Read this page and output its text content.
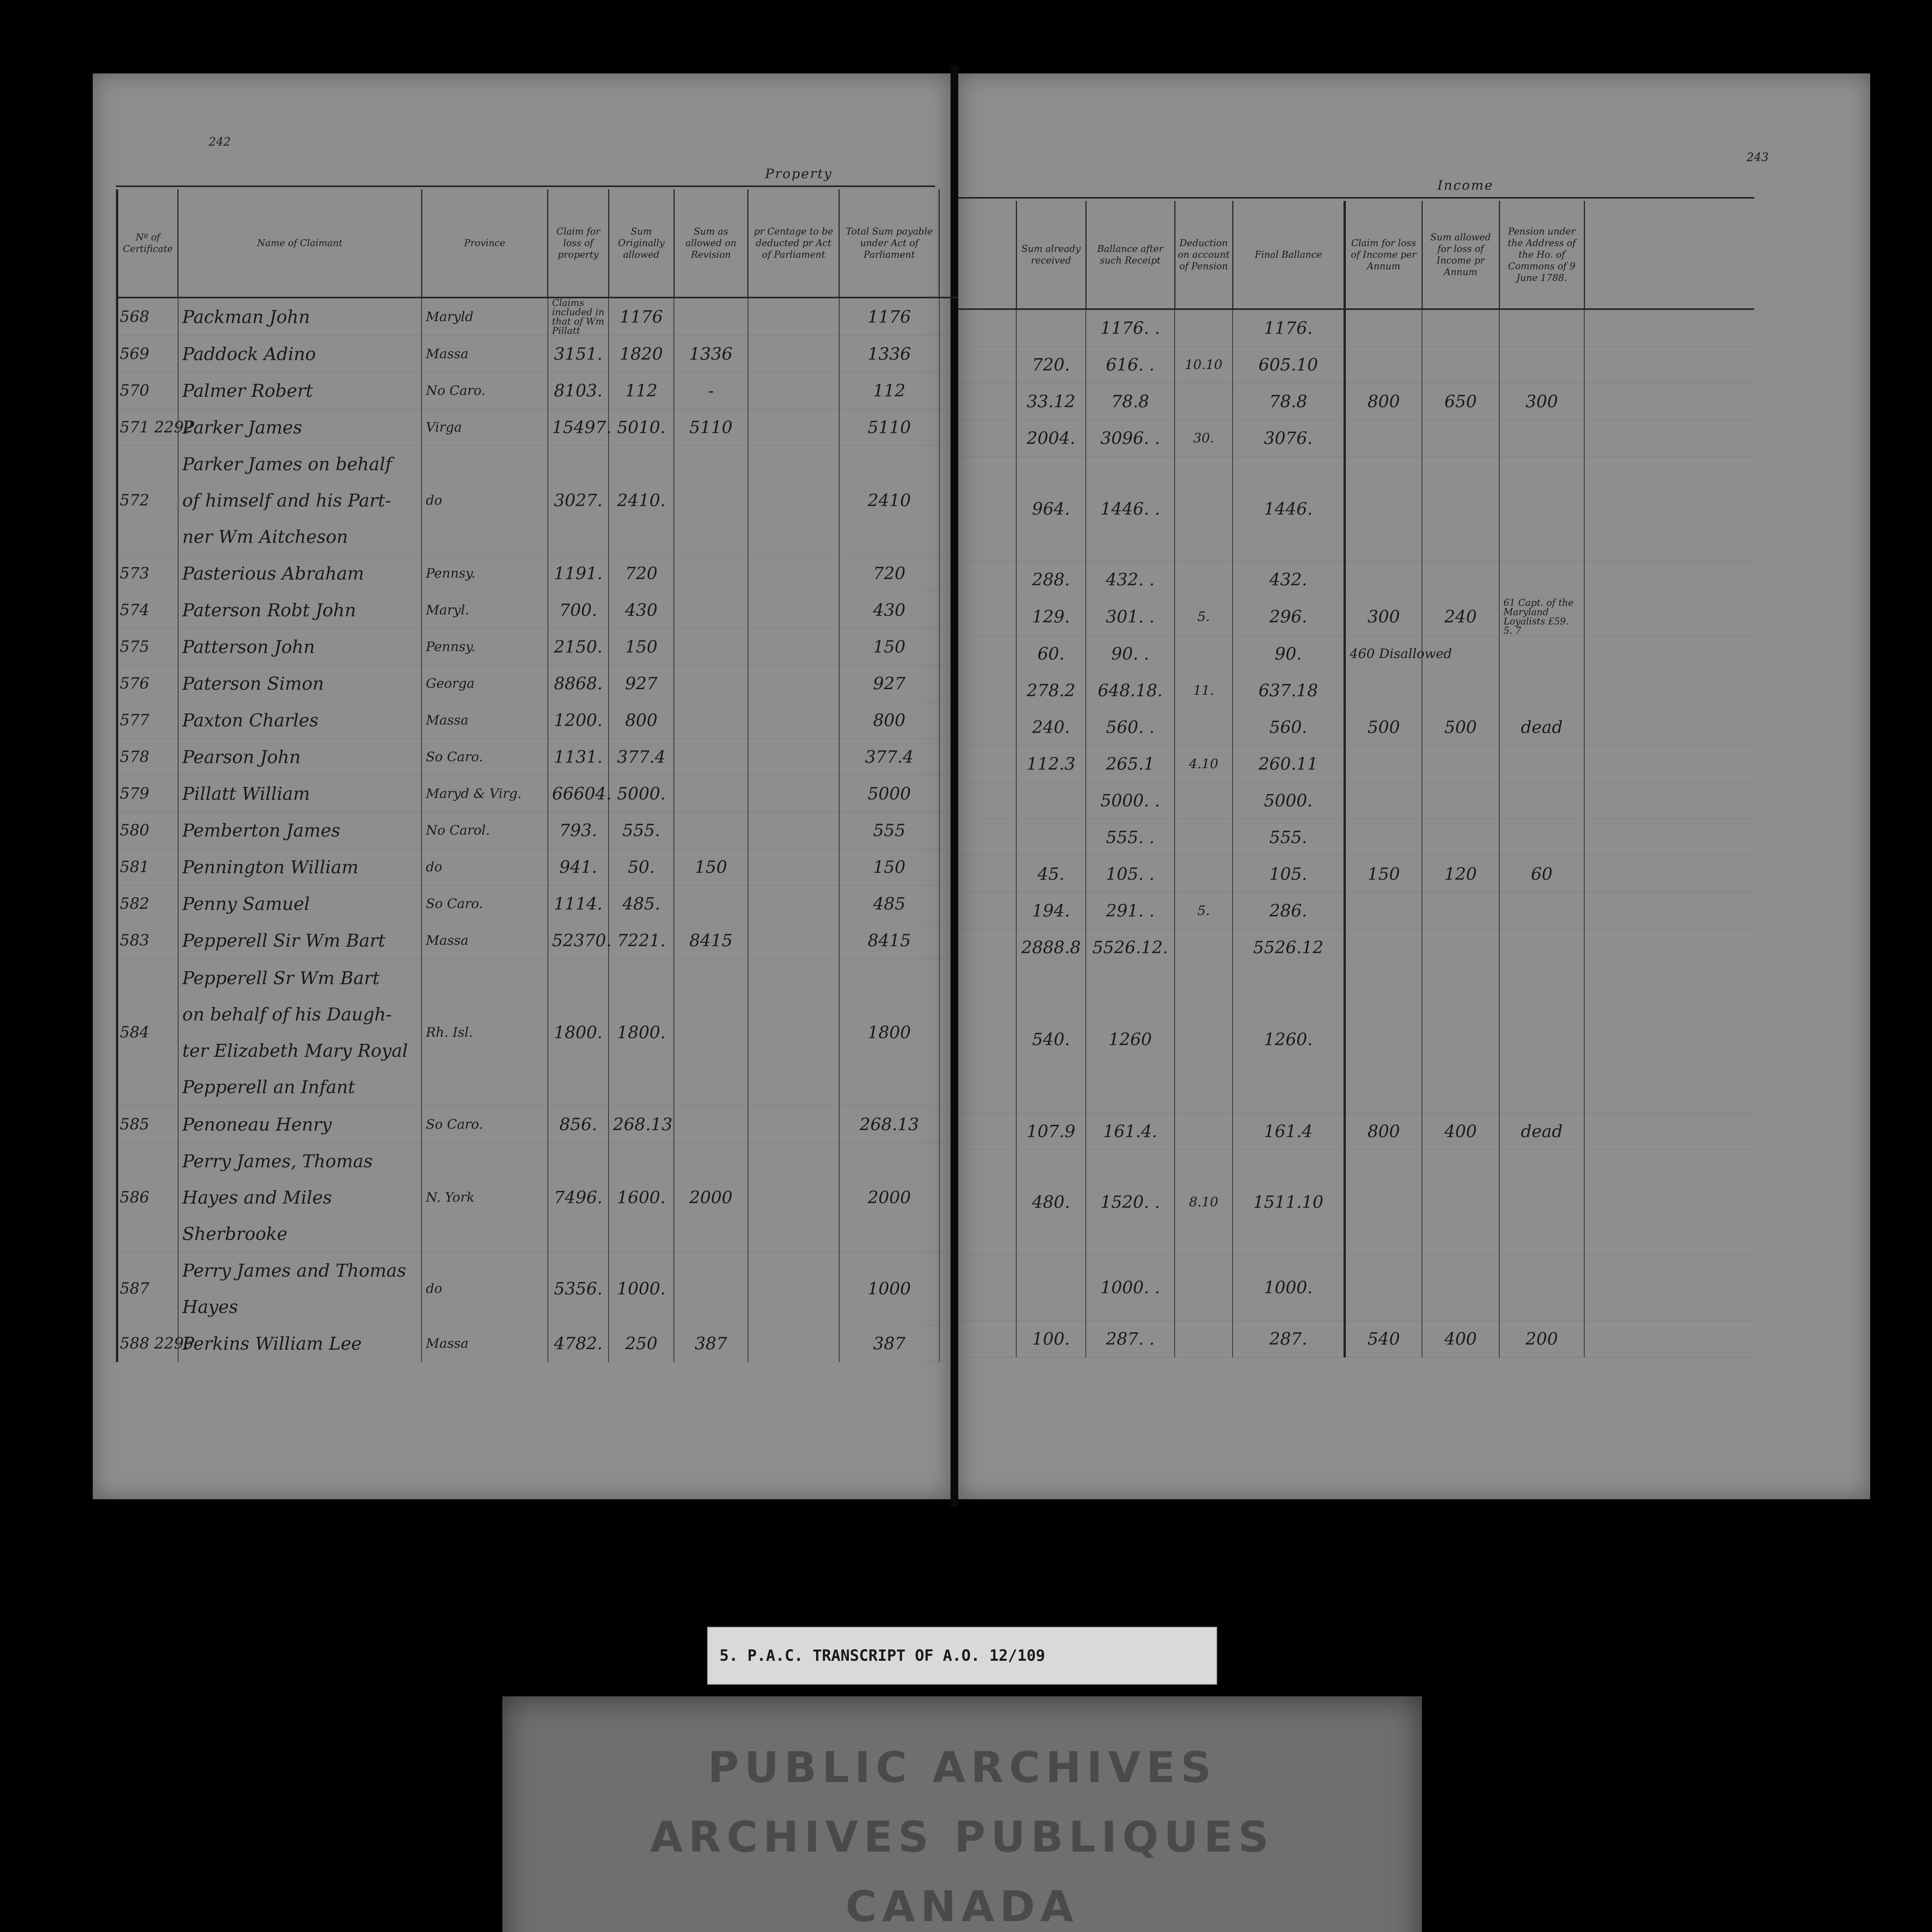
242
Property
Nº of Certificate	Name of Claimant	Province	Claim for loss of property	Sum Originally allowed	Sum as allowed on Revision	pr Centage to be deducted pr Act of Parliament	Total Sum payable under Act of Parliament	
568	Packman John	Maryld	Claims included in that of Wm Pillatt	1176			1176	
569	Paddock Adino	Massa	3151.	1820	1336		1336	
570	Palmer Robert	No Caro.	8103.	112	-		112	
571 2292	Parker James	Virga	15497.	5010.	5110		5110	
572	Parker James on behalf
of himself and his Part-
ner Wm Aitcheson	do	3027.	2410.			2410	
573	Pasterious Abraham	Pennsy.	1191.	720			720	
574	Paterson Robt John	Maryl.	700.	430			430	
575	Patterson John	Pennsy.	2150.	150			150	
576	Paterson Simon	Georga	8868.	927			927	
577	Paxton Charles	Massa	1200.	800			800	
578	Pearson John	So Caro.	1131.	377.4			377.4	
579	Pillatt William	Maryd & Virg.	66604.	5000.			5000	
580	Pemberton James	No Carol.	793.	555.			555	
581	Pennington William	do	941.	50.	150		150	
582	Penny Samuel	So Caro.	1114.	485.			485	
583	Pepperell Sir Wm Bart	Massa	52370.	7221.	8415		8415	
584	Pepperell Sr Wm Bart
on behalf of his Daugh-
ter Elizabeth Mary Royal
Pepperell an Infant	Rh. Isl.	1800.	1800.			1800	
585	Penoneau Henry	So Caro.	856.	268.13			268.13	
586	Perry James, Thomas
Hayes and Miles
Sherbrooke	N. York	7496.	1600.	2000		2000	
587	Perry James and Thomas
Hayes	do	5356.	1000.			1000	
588 2296	Perkins William Lee	Massa	4782.	250	387		387	
243
Income
	Sum already received	Ballance after such Receipt	Deduction on account of Pension	Final Ballance	Claim for loss of Income per Annum	Sum allowed for loss of Income pr Annum	Pension under the Address of the Ho. of Commons of 9 June 1788.	
		1176. .		1176.				
	720.	616. .	10.10	605.10				
	33.12	78.8		78.8	800	650	300	
	2004.	3096. .	30.	3076.				
	964.	1446. .		1446.				
	288.	432. .		432.				
	129.	301. .	5.	296.	300	240	61 Capt. of the Maryland Loyalists £59. 5. 7	
	60.	90. .		90.	460 Disallowed			
	278.2	648.18.	11.	637.18				
	240.	560. .		560.	500	500	dead	
	112.3	265.1	4.10	260.11				
		5000. .		5000.				
		555. .		555.				
	45.	105. .		105.	150	120	60	
	194.	291. .	5.	286.				
	2888.8	5526.12.		5526.12				
	540.	1260		1260.				
	107.9	161.4.		161.4	800	400	dead	
	480.	1520. .	8.10	1511.10				
		1000. .		1000.				
	100.	287. .		287.	540	400	200	
5. P.A.C. TRANSCRIPT OF A.O. 12/109
PUBLIC ARCHIVES
ARCHIVES PUBLIQUES
CANADA
